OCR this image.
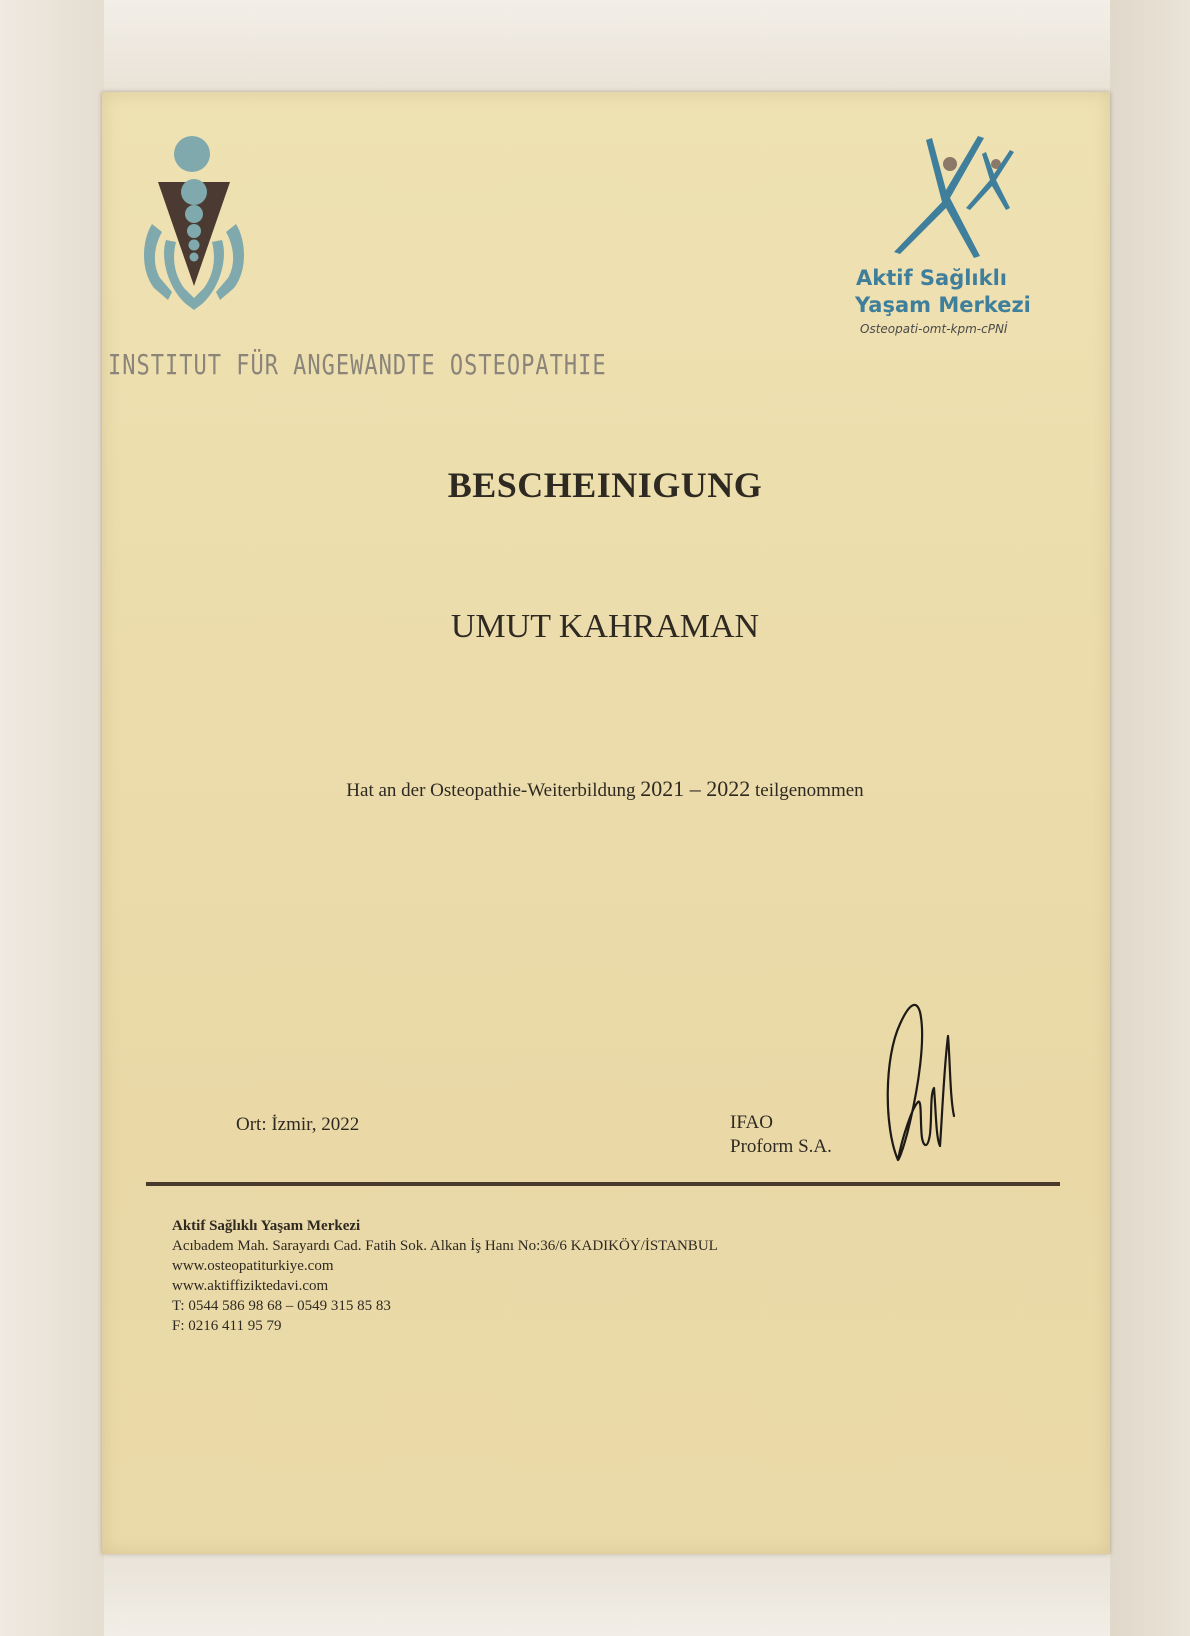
INSTITUT FÜR ANGEWANDTE OSTEOPATHIE
Aktif Sağlıklı
Yaşam Merkezi
Osteopati-omt-kpm-cPNİ
BESCHEINIGUNG
UMUT KAHRAMAN
Hat an der Osteopathie-Weiterbildung 2021 – 2022 teilgenommen
Ort: İzmir, 2022	IFAO
Proform S.A.
Aktif Sağlıklı Yaşam Merkezi
Acıbadem Mah. Sarayardı Cad. Fatih Sok. Alkan İş Hanı No:36/6 KADIKÖY/İSTANBUL
www.osteopatiturkiye.com
www.aktiffiziktedavi.com
T: 0544 586 98 68 – 0549 315 85 83
F: 0216 411 95 79
